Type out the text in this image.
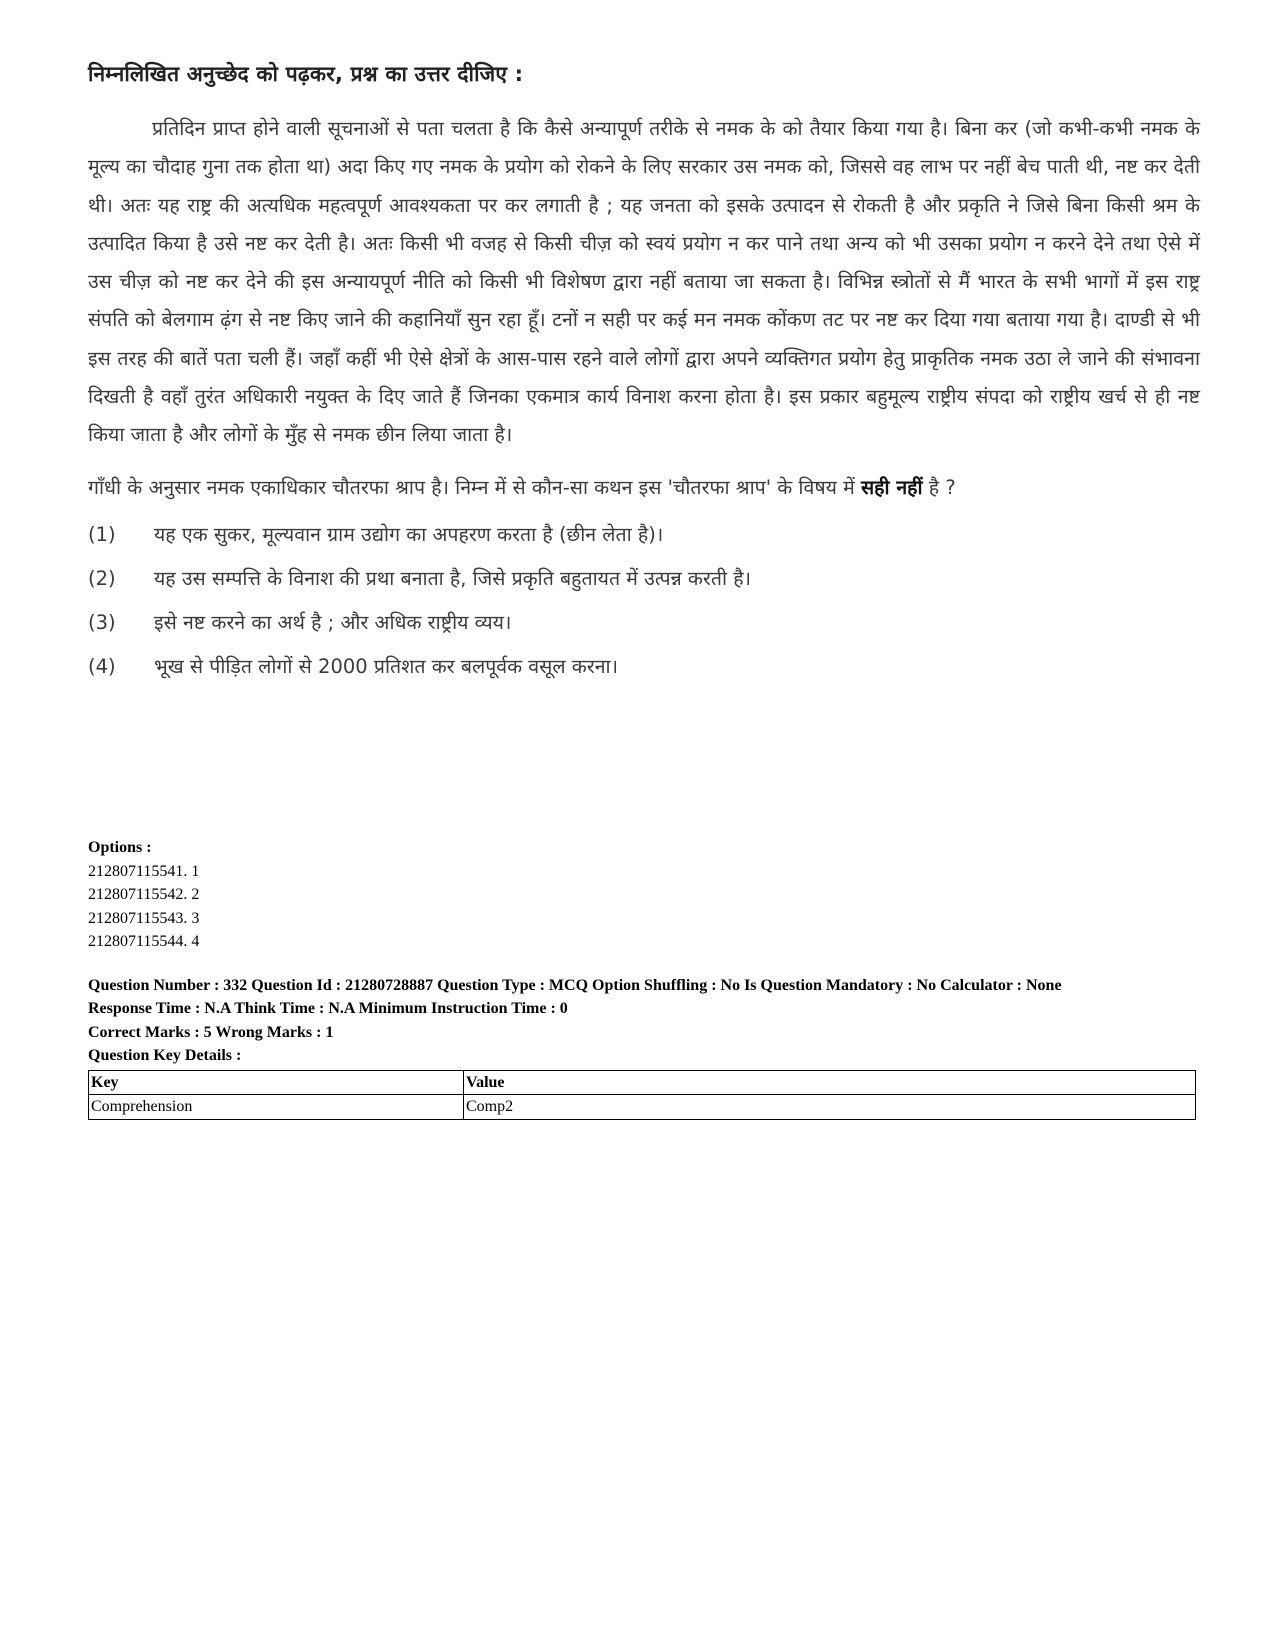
निम्नलिखित अनुच्छेद को पढ़कर, प्रश्न का उत्तर दीजिए :

प्रतिदिन प्राप्त होने वाली सूचनाओं से पता चलता है कि कैसे अन्यापूर्ण तरीके से नमक के को तैयार किया गया है। बिना कर (जो कभी-कभी नमक के मूल्य का चौदाह गुना तक होता था) अदा किए गए नमक के प्रयोग को रोकने के लिए सरकार उस नमक को, जिससे वह लाभ पर नहीं बेच पाती थी, नष्ट कर देती थी। अतः यह राष्ट्र की अत्यधिक महत्वपूर्ण आवश्यकता पर कर लगाती है ; यह जनता को इसके उत्पादन से रोकती है और प्रकृति ने जिसे बिना किसी श्रम के उत्पादित किया है उसे नष्ट कर देती है। अतः किसी भी वजह से किसी चीज़ को स्वयं प्रयोग न कर पाने तथा अन्य को भी उसका प्रयोग न करने देने तथा ऐसे में उस चीज़ को नष्ट कर देने की इस अन्यायपूर्ण नीति को किसी भी विशेषण द्वारा नहीं बताया जा सकता है। विभिन्न स्त्रोतों से मैं भारत के सभी भागों में इस राष्ट्र संपति को बेलगाम ढ़ंग से नष्ट किए जाने की कहानियाँ सुन रहा हूँ। टनों न सही पर कई मन नमक कोंकण तट पर नष्ट कर दिया गया बताया गया है। दाण्डी से भी इस तरह की बातें पता चली हैं। जहाँ कहीं भी ऐसे क्षेत्रों के आस-पास रहने वाले लोगों द्वारा अपने व्यक्तिगत प्रयोग हेतु प्राकृतिक नमक उठा ले जाने की संभावना दिखती है वहाँ तुरंत अधिकारी नयुक्त के दिए जाते हैं जिनका एकमात्र कार्य विनाश करना होता है। इस प्रकार बहुमूल्य राष्ट्रीय संपदा को राष्ट्रीय खर्च से ही नष्ट किया जाता है और लोगों के मुँह से नमक छीन लिया जाता है।

गाँधी के अनुसार नमक एकाधिकार चौतरफा श्राप है। निम्न में से कौन-सा कथन इस 'चौतरफा श्राप' के विषय में सही नहीं है ?
(1)	यह एक सुकर, मूल्यवान ग्राम उद्योग का अपहरण करता है (छीन लेता है)।
(2)	यह उस सम्पत्ति के विनाश की प्रथा बनाता है, जिसे प्रकृति बहुतायत में उत्पन्न करती है।
(3)	इसे नष्ट करने का अर्थ है ; और अधिक राष्ट्रीय व्यय।
(4)	भूख से पीड़ित लोगों से 2000 प्रतिशत कर बलपूर्वक वसूल करना।
Options :
212807115541. 1
212807115542. 2
212807115543. 3
212807115544. 4
Question Number : 332 Question Id : 21280728887 Question Type : MCQ Option Shuffling : No Is Question Mandatory : No Calculator : None
Response Time : N.A Think Time : N.A Minimum Instruction Time : 0
Correct Marks : 5 Wrong Marks : 1
Question Key Details :
Key	Value
Comprehension	Comp2
